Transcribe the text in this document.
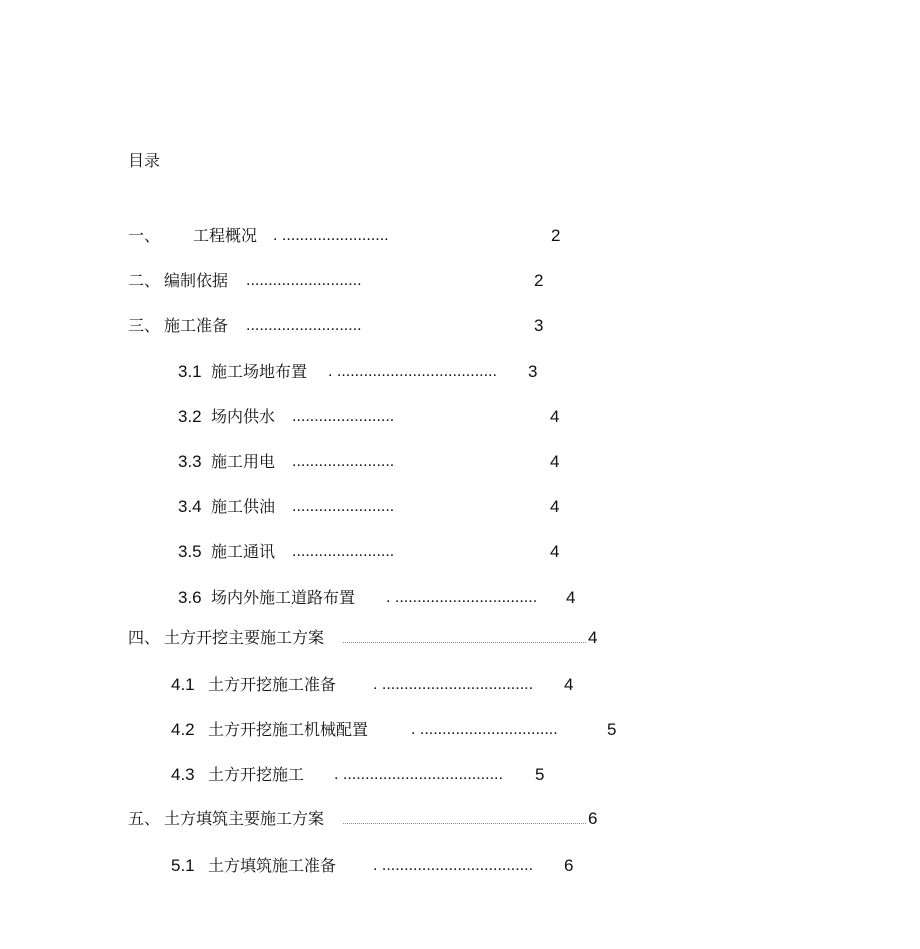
目录
一、 工程概况 . ........................	2
二、 编制依据 ..........................	2
三、 施工准备 ..........................	3
3.1 施工场地布置 . .................................... 3
3.2 场内供水 .......................	4
3.3 施工用电 .......................	4
3.4 施工供油 .......................	4
3.5 施工通讯 .......................	4
3.6 场内外施工道路布置 . ................................ 4
四、 土方开挖主要施工方案	4
4.1 土方开挖施工准备 . .................................. 4
4.2 土方开挖施工机械配置	. ...............................	5
4.3 土方开挖施工 . .................................... 5
五、 土方填筑主要施工方案	6
5.1 土方填筑施工准备 . .................................. 6
